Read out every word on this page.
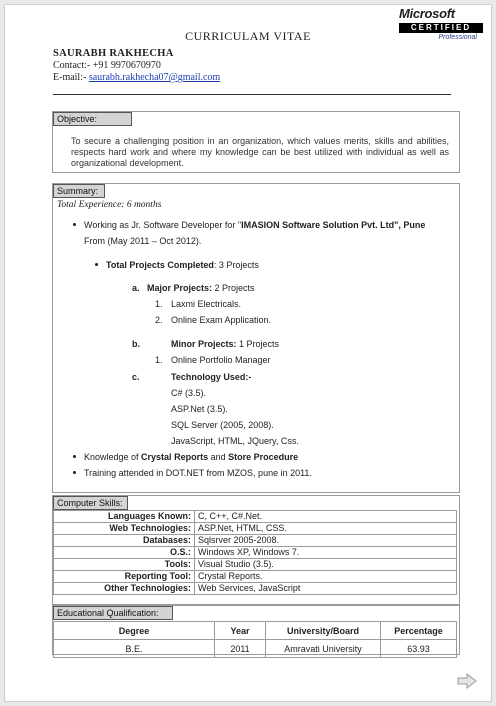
Microsoft
CERTIFIED
Professional
CURRICULAM VITAE
SAURABH RAKHECHA
Contact:- +91 9970670970
E-mail:- saurabh.rakhecha07@gmail.com
Objective:
To secure a challenging position in an organization, which values merits, skills and abilities, respects hard work and where my knowledge can be best utilized with individual as well as organizational development.
Summary:
Total Experience: 6 months
Working as Jr. Software Developer for "IMASION Software Solution Pvt. Ltd", Pune
From (May 2011 – Oct 2012).
Total Projects Completed: 3 Projects
a. Major Projects: 2 Projects
1. Laxmi Electricals.
2. Online Exam Application.
b.	Minor Projects: 1 Projects
1. Online Portfolio Manager
c.	Technology Used:-
C# (3.5).
ASP.Net (3.5).
SQL Server (2005, 2008).
JavaScript, HTML, JQuery, Css.
Knowledge of Crystal Reports and Store Procedure
Training attended in DOT.NET from MZOS, pune in 2011.
Computer Skills:
Languages Known:	C, C++, C#.Net.
Web Technologies:	ASP.Net, HTML, CSS.
Databases:	Sqlsrver 2005-2008.
O.S.:	Windows XP, Windows 7.
Tools:	Visual Studio (3.5).
Reporting Tool:	Crystal Reports.
Other Technologies:	Web Services, JavaScript
Educational Qualification:
Degree	Year	University/Board	Percentage
B.E.	2011	Amravati University	63.93
